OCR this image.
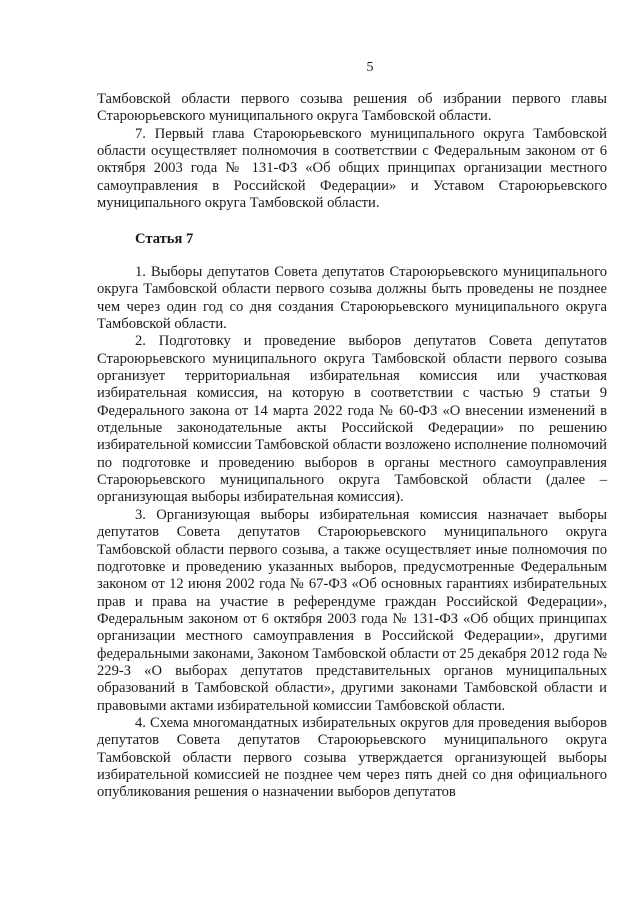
5

Тамбовской области первого созыва решения об избрании первого главы Староюрьевского муниципального округа Тамбовской области.

7. Первый глава Староюрьевского муниципального округа Тамбовской области осуществляет полномочия в соответствии с Федеральным законом от 6 октября 2003 года № 131-ФЗ «Об общих принципах организации местного самоуправления в Российской Федерации» и Уставом Староюрьевского муниципального округа Тамбовской области.

Статья 7

1. Выборы депутатов Совета депутатов Староюрьевского муниципального округа Тамбовской области первого созыва должны быть проведены не позднее чем через один год со дня создания Староюрьевского муниципального округа Тамбовской области.

2. Подготовку и проведение выборов депутатов Совета депутатов Староюрьевского муниципального округа Тамбовской области первого созыва организует территориальная избирательная комиссия или участковая избирательная комиссия, на которую в соответствии с частью 9 статьи 9 Федерального закона от 14 марта 2022 года № 60-ФЗ «О внесении изменений в отдельные законодательные акты Российской Федерации» по решению избирательной комиссии Тамбовской области возложено исполнение полномочий по подготовке и проведению выборов в органы местного самоуправления Староюрьевского муниципального округа Тамбовской области (далее – организующая выборы избирательная комиссия).

3. Организующая выборы избирательная комиссия назначает выборы депутатов Совета депутатов Староюрьевского муниципального округа Тамбовской области первого созыва, а также осуществляет иные полномочия по подготовке и проведению указанных выборов, предусмотренные Федеральным законом от 12 июня 2002 года № 67-ФЗ «Об основных гарантиях избирательных прав и права на участие в референдуме граждан Российской Федерации», Федеральным законом от 6 октября 2003 года № 131-ФЗ «Об общих принципах организации местного самоуправления в Российской Федерации», другими федеральными законами, Законом Тамбовской области от 25 декабря 2012 года № 229-З «О выборах депутатов представительных органов муниципальных образований в Тамбовской области», другими законами Тамбовской области и правовыми актами избирательной комиссии Тамбовской области.

4. Схема многомандатных избирательных округов для проведения выборов депутатов Совета депутатов Староюрьевского муниципального округа Тамбовской области первого созыва утверждается организующей выборы избирательной комиссией не позднее чем через пять дней со дня официального опубликования решения о назначении выборов депутатов
